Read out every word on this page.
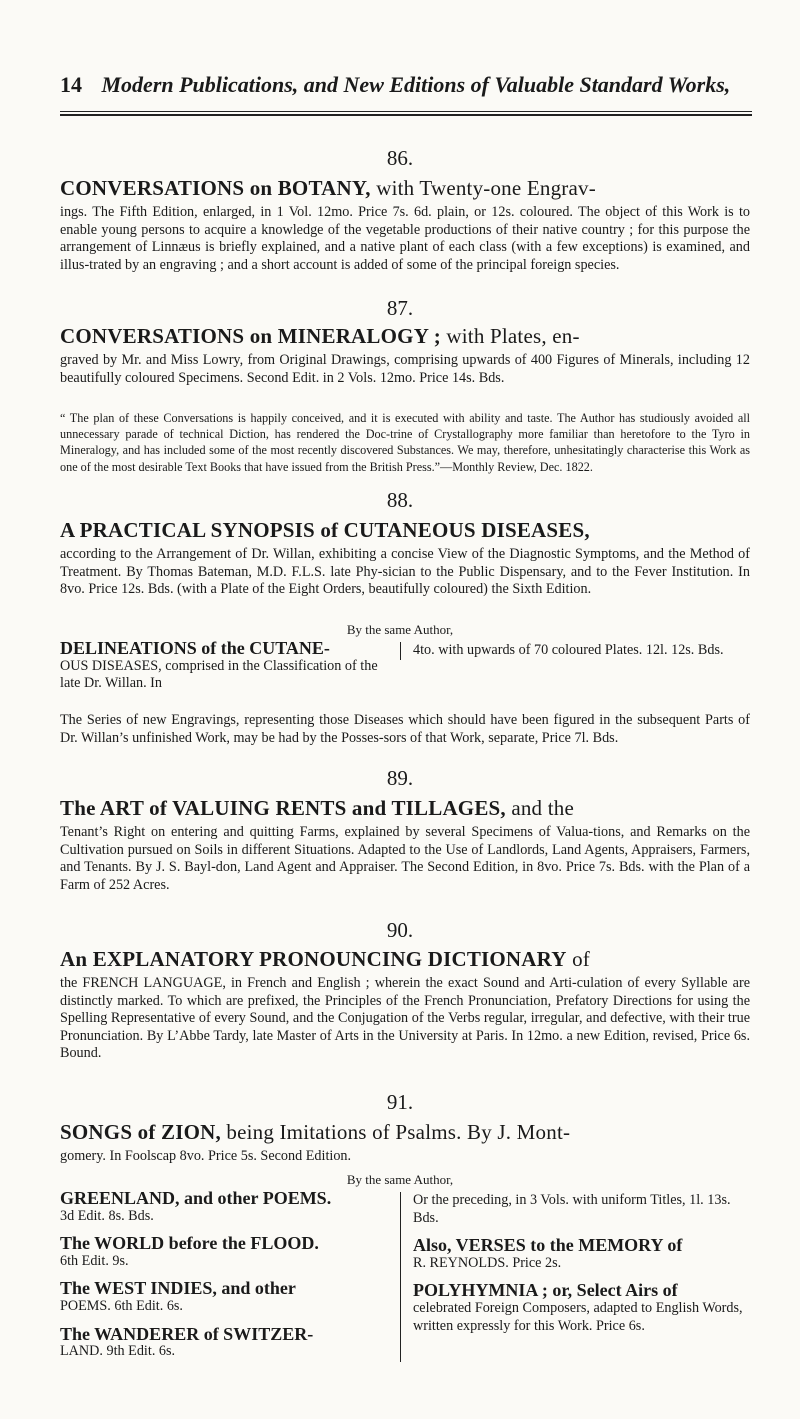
14 Modern Publications, and New Editions of Valuable Standard Works,
86.
CONVERSATIONS on BOTANY, with Twenty-one Engrav-
ings. The Fifth Edition, enlarged, in 1 Vol. 12mo. Price 7s. 6d. plain, or 12s. coloured. The object of this Work is to enable young persons to acquire a knowledge of the vegetable productions of their native country ; for this purpose the arrangement of Linnæus is briefly explained, and a native plant of each class (with a few exceptions) is examined, and illus-trated by an engraving ; and a short account is added of some of the principal foreign species.
87.
CONVERSATIONS on MINERALOGY ; with Plates, en-
graved by Mr. and Miss Lowry, from Original Drawings, comprising upwards of 400 Figures of Minerals, including 12 beautifully coloured Specimens. Second Edit. in 2 Vols. 12mo. Price 14s. Bds.
“ The plan of these Conversations is happily conceived, and it is executed with ability and taste. The Author has studiously avoided all unnecessary parade of technical Diction, has rendered the Doc-trine of Crystallography more familiar than heretofore to the Tyro in Mineralogy, and has included some of the most recently discovered Substances. We may, therefore, unhesitatingly characterise this Work as one of the most desirable Text Books that have issued from the British Press.”—Monthly Review, Dec. 1822.
88.
A PRACTICAL SYNOPSIS of CUTANEOUS DISEASES,
according to the Arrangement of Dr. Willan, exhibiting a concise View of the Diagnostic Symptoms, and the Method of Treatment. By Thomas Bateman, M.D. F.L.S. late Phy-sician to the Public Dispensary, and to the Fever Institution. In 8vo. Price 12s. Bds. (with a Plate of the Eight Orders, beautifully coloured) the Sixth Edition.
By the same Author,
DELINEATIONS of the CUTANE-
OUS DISEASES, comprised in the Classification of the late Dr. Willan. In
4to. with upwards of 70 coloured Plates. 12l. 12s. Bds.
The Series of new Engravings, representing those Diseases which should have been figured in the subsequent Parts of Dr. Willan’s unfinished Work, may be had by the Posses-sors of that Work, separate, Price 7l. Bds.
89.
The ART of VALUING RENTS and TILLAGES, and the
Tenant’s Right on entering and quitting Farms, explained by several Specimens of Valua-tions, and Remarks on the Cultivation pursued on Soils in different Situations. Adapted to the Use of Landlords, Land Agents, Appraisers, Farmers, and Tenants. By J. S. Bayl-don, Land Agent and Appraiser. The Second Edition, in 8vo. Price 7s. Bds. with the Plan of a Farm of 252 Acres.
90.
An EXPLANATORY PRONOUNCING DICTIONARY of
the FRENCH LANGUAGE, in French and English ; wherein the exact Sound and Arti-culation of every Syllable are distinctly marked. To which are prefixed, the Principles of the French Pronunciation, Prefatory Directions for using the Spelling Representative of every Sound, and the Conjugation of the Verbs regular, irregular, and defective, with their true Pronunciation. By L’Abbe Tardy, late Master of Arts in the University at Paris. In 12mo. a new Edition, revised, Price 6s. Bound.
91.
SONGS of ZION, being Imitations of Psalms. By J. Mont-
gomery. In Foolscap 8vo. Price 5s. Second Edition.
By the same Author,
GREENLAND, and other POEMS.
3d Edit. 8s. Bds.
The WORLD before the FLOOD.
6th Edit. 9s.
The WEST INDIES, and other
POEMS. 6th Edit. 6s.
The WANDERER of SWITZER-
LAND. 9th Edit. 6s.
Or the preceding, in 3 Vols. with uniform Titles, 1l. 13s. Bds.
Also, VERSES to the MEMORY of
R. REYNOLDS. Price 2s.
POLYHYMNIA ; or, Select Airs of
celebrated Foreign Composers, adapted to English Words, written expressly for this Work. Price 6s.
